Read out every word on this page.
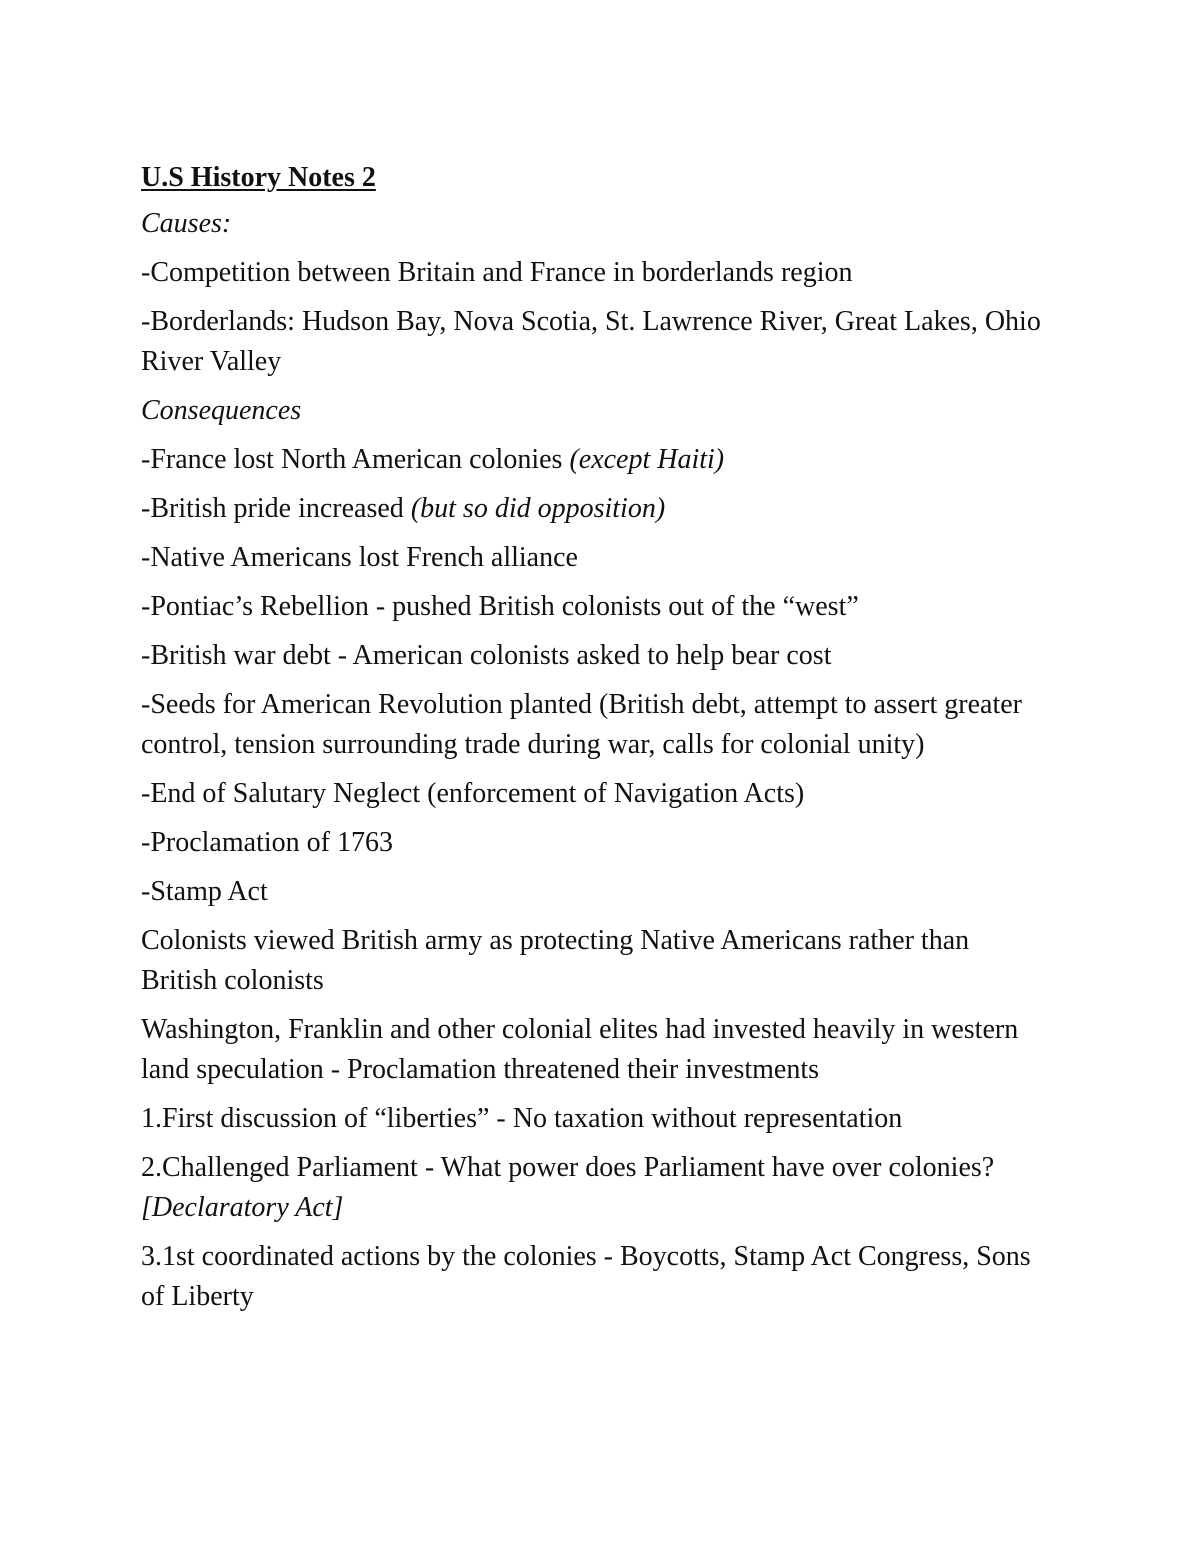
U.S History Notes 2

Causes:

-Competition between Britain and France in borderlands region

-Borderlands: Hudson Bay, Nova Scotia, St. Lawrence River, Great Lakes, Ohio River Valley

Consequences

-France lost North American colonies (except Haiti)

-British pride increased (but so did opposition)

-Native Americans lost French alliance

-Pontiac’s Rebellion - pushed British colonists out of the “west”

-British war debt - American colonists asked to help bear cost

-Seeds for American Revolution planted (British debt, attempt to assert greater control, tension surrounding trade during war, calls for colonial unity)

-End of Salutary Neglect (enforcement of Navigation Acts)

-Proclamation of 1763

-Stamp Act

Colonists viewed British army as protecting Native Americans rather than British colonists

Washington, Franklin and other colonial elites had invested heavily in western land speculation - Proclamation threatened their investments

1.First discussion of “liberties” - No taxation without representation

2.Challenged Parliament - What power does Parliament have over colonies? [Declaratory Act]

3.1st coordinated actions by the colonies - Boycotts, Stamp Act Congress, Sons of Liberty
